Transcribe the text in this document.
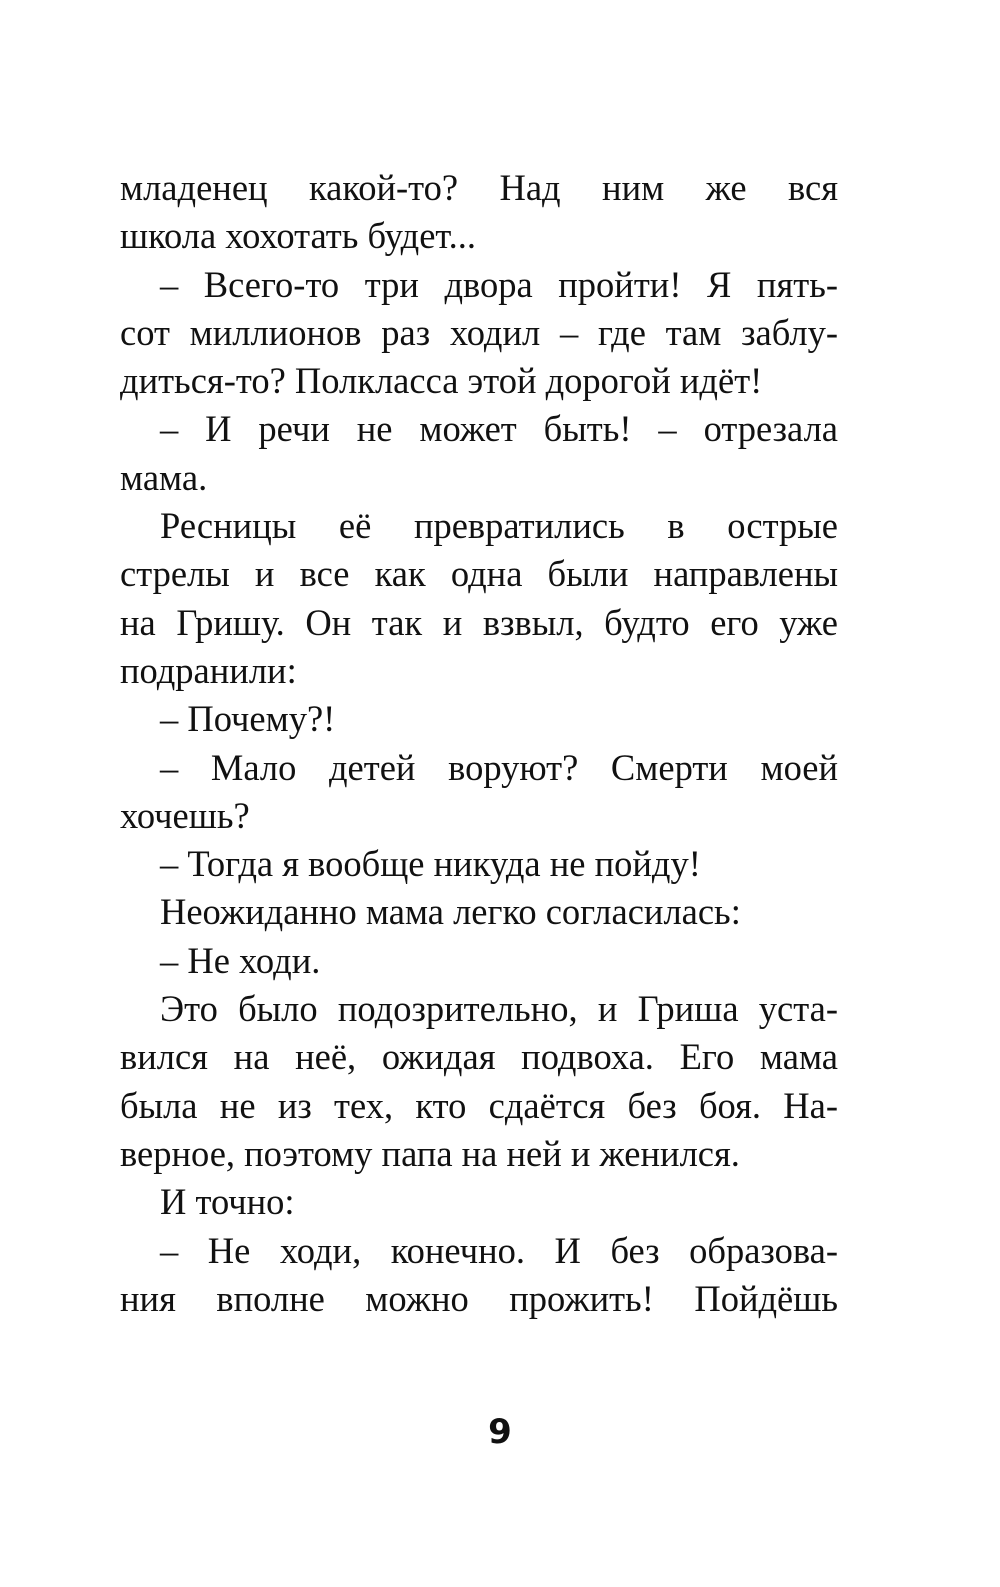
младенец какой-то? Над ним же вся
школа хохотать будет...
– Всего-то три двора пройти! Я пять-
сот миллионов раз ходил – где там заблу-
диться-то? Полкласса этой дорогой идёт!
– И речи не может быть! – отрезала
мама.
Ресницы её превратились в острые
стрелы и все как одна были направлены
на Гришу. Он так и взвыл, будто его уже
подранили:
– Почему?!
– Мало детей воруют? Смерти моей
хочешь?
– Тогда я вообще никуда не пойду!
Неожиданно мама легко согласилась:
– Не ходи.
Это было подозрительно, и Гриша уста-
вился на неё, ожидая подвоха. Его мама
была не из тех, кто сдаётся без боя. На-
верное, поэтому папа на ней и женился.
И точно:
– Не ходи, конечно. И без образова-
ния вполне можно прожить! Пойдёшь
9
